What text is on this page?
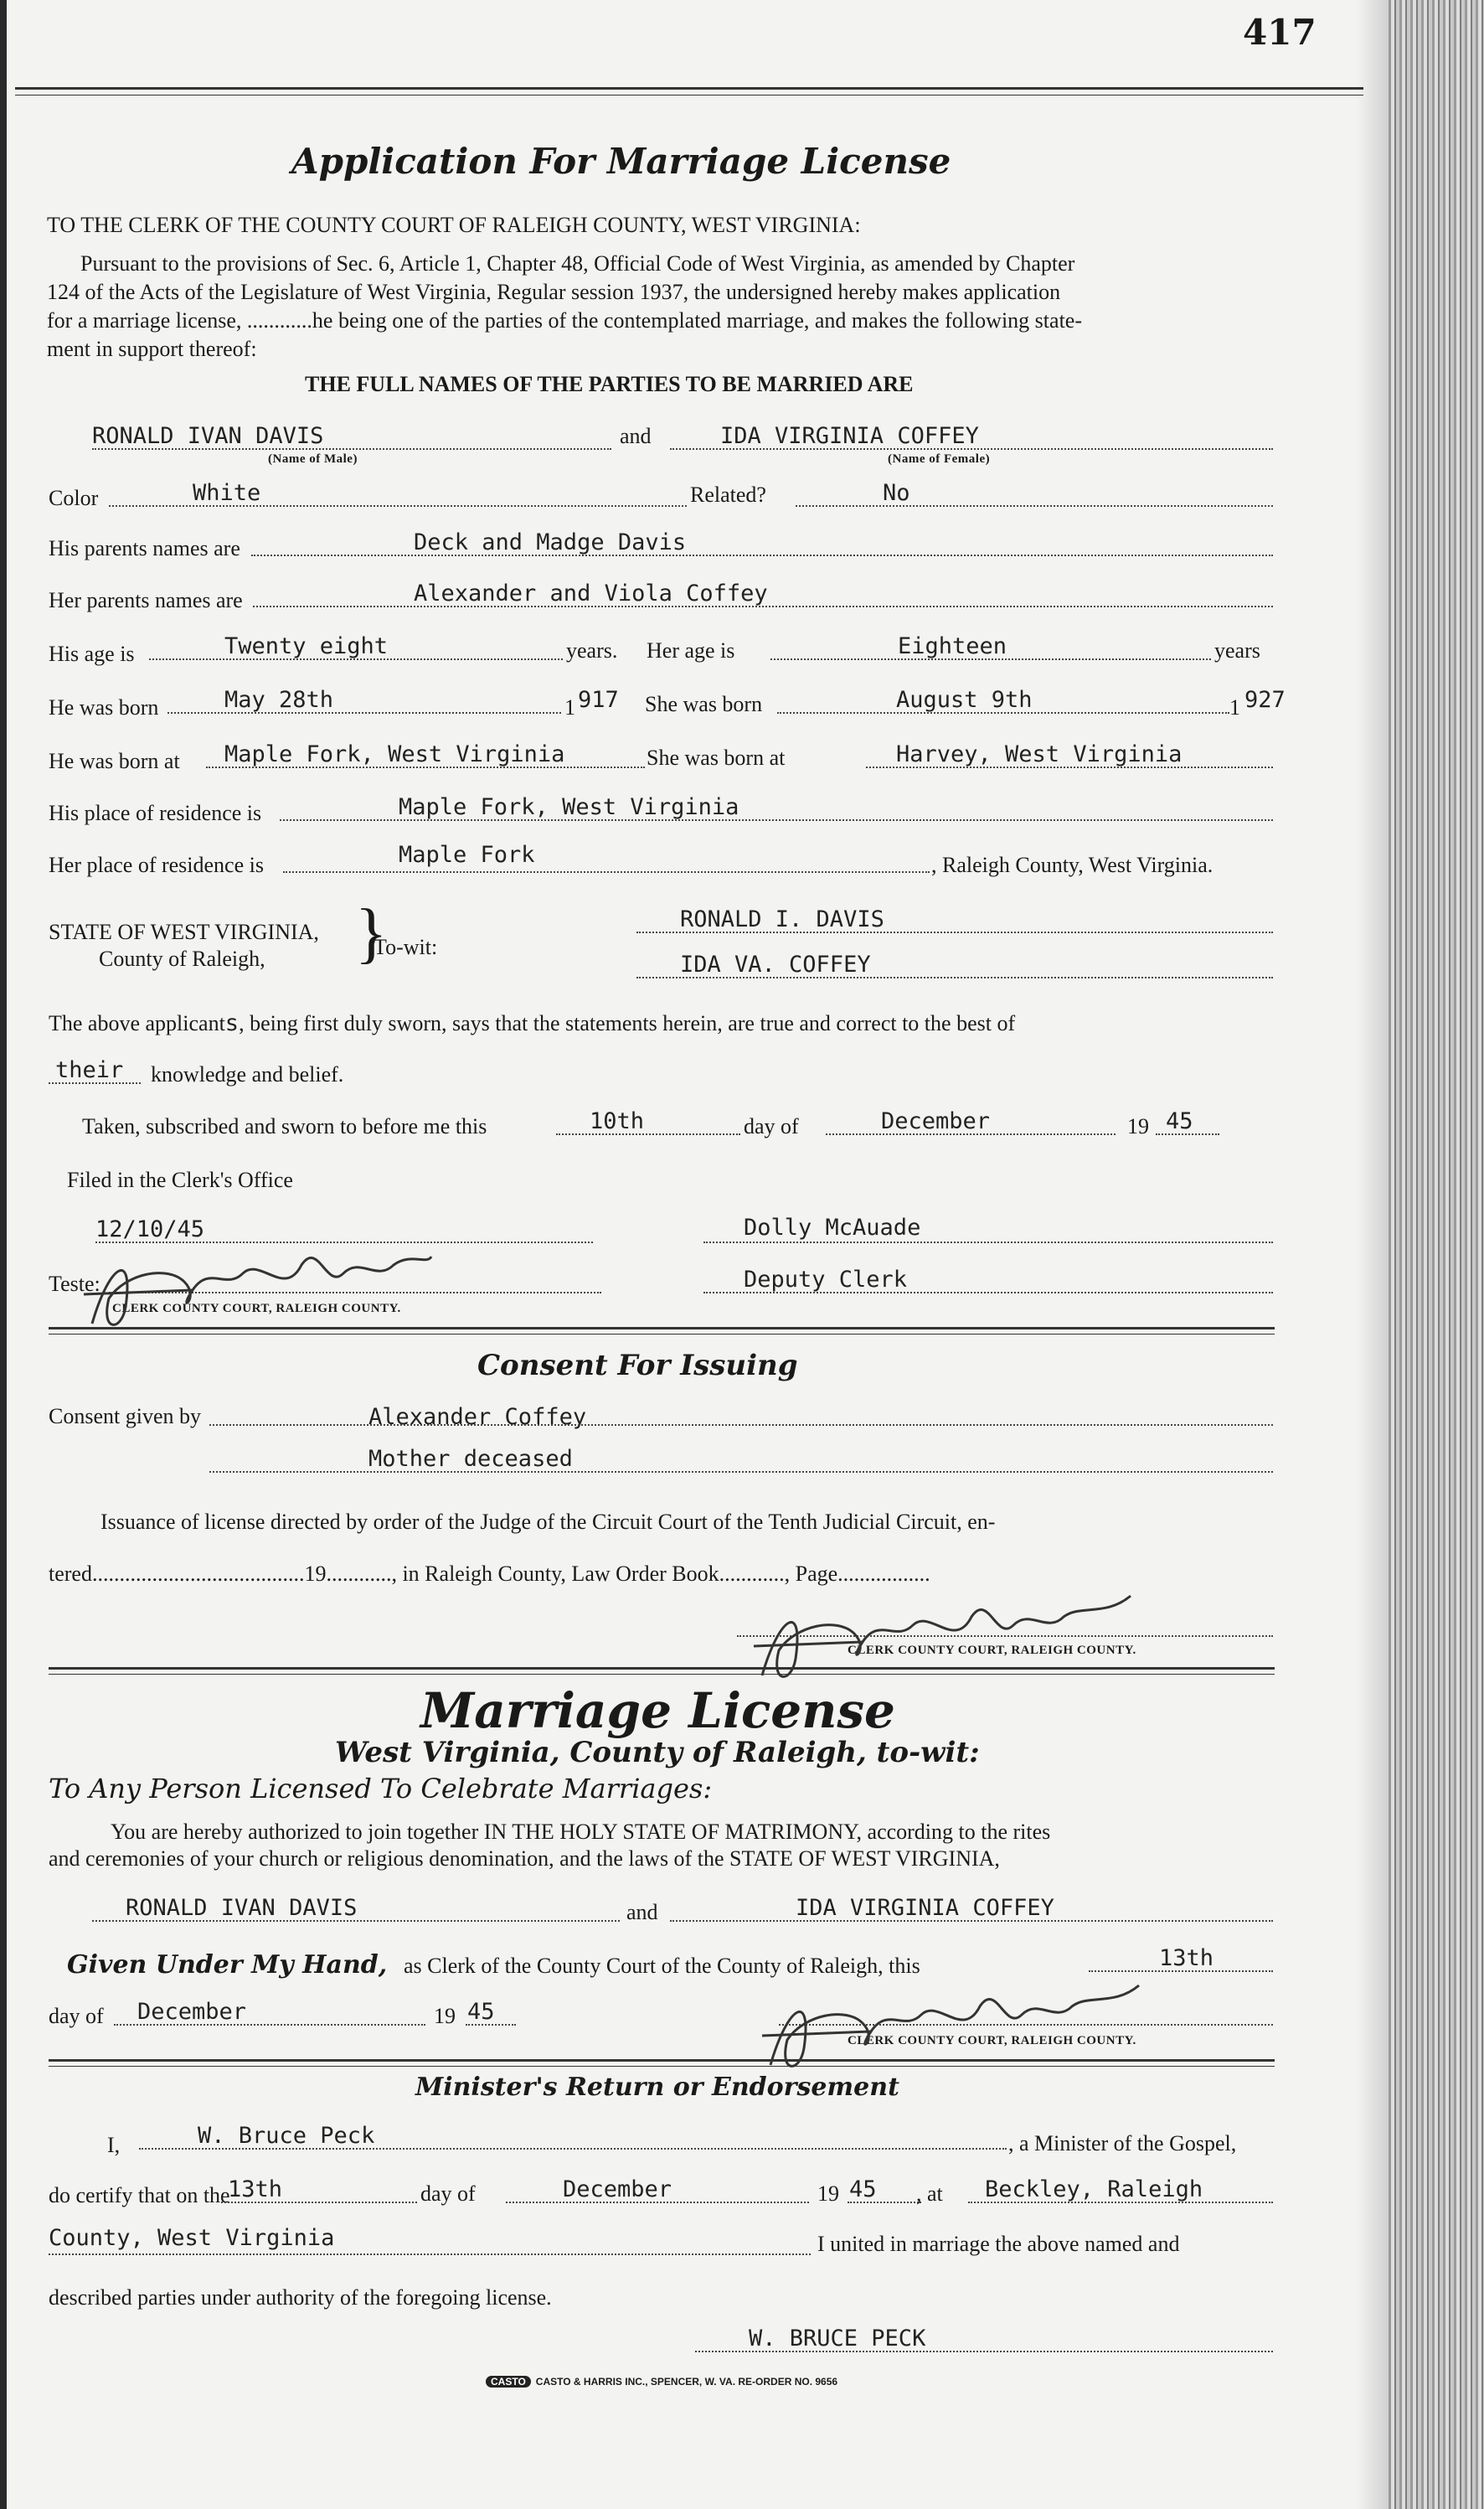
417
Application For Marriage License
TO THE CLERK OF THE COUNTY COURT OF RALEIGH COUNTY, WEST VIRGINIA:
Pursuant to the provisions of Sec. 6, Article 1, Chapter 48, Official Code of West Virginia, as amended by Chapter
124 of the Acts of the Legislature of West Virginia, Regular session 1937, the undersigned hereby makes application
for a marriage license, ............he being one of the parties of the contemplated marriage, and makes the following state-
ment in support thereof:
THE FULL NAMES OF THE PARTIES TO BE MARRIED ARE
RONALD IVAN DAVIS
(Name of Male)
and	IDA VIRGINIA COFFEY
(Name of Female)
Color	White	Related?	No
His parents names are	Deck and Madge Davis
Her parents names are	Alexander and Viola Coffey
His age is	Twenty eight	years. Her age is	Eighteen	years
He was born	May 28th	1 917 She was born	August 9th	1 927
He was born at Maple Fork, West Virginia	She was born at	Harvey, West Virginia
His place of residence is	Maple Fork, West Virginia
Her place of residence is	Maple Fork	, Raleigh County, West Virginia.
STATE OF WEST VIRGINIA,
County of Raleigh, }
To-wit:
RONALD I. DAVIS
IDA VA. COFFEY
The above applicants, being first duly sworn, says that the statements herein, are true and correct to the best of
their knowledge and belief.
Taken, subscribed and sworn to before me this	10th	day of	December	19 45
Filed in the Clerk's Office
12/10/45	Dolly McAuade
Teste:
CLERK COUNTY COURT, RALEIGH COUNTY.
Deputy Clerk
Consent For Issuing
Consent given by	Alexander Coffey
Mother deceased
Issuance of license directed by order of the Judge of the Circuit Court of the Tenth Judicial Circuit, en-
tered.......................................19............, in Raleigh County, Law Order Book............, Page.................
CLERK COUNTY COURT, RALEIGH COUNTY.
Marriage License
West Virginia, County of Raleigh, to-wit:
To Any Person Licensed To Celebrate Marriages:
You are hereby authorized to join together IN THE HOLY STATE OF MATRIMONY, according to the rites
and ceremonies of your church or religious denomination, and the laws of the STATE OF WEST VIRGINIA,
RONALD IVAN DAVIS	and	IDA VIRGINIA COFFEY
Given Under My Hand, as Clerk of the County Court of the County of Raleigh, this	13th
day of December	19 45
CLERK COUNTY COURT, RALEIGH COUNTY.
Minister's Return or Endorsement
I,	W. Bruce Peck	, a Minister of the Gospel,
do certify that on the
13th	day of	December	19 45 , at Beckley, Raleigh
County, West Virginia	I united in marriage the above named and
described parties under authority of the foregoing license.
W. BRUCE PECK
CASTO CASTO & HARRIS INC., SPENCER, W. VA. RE-ORDER NO. 9656
